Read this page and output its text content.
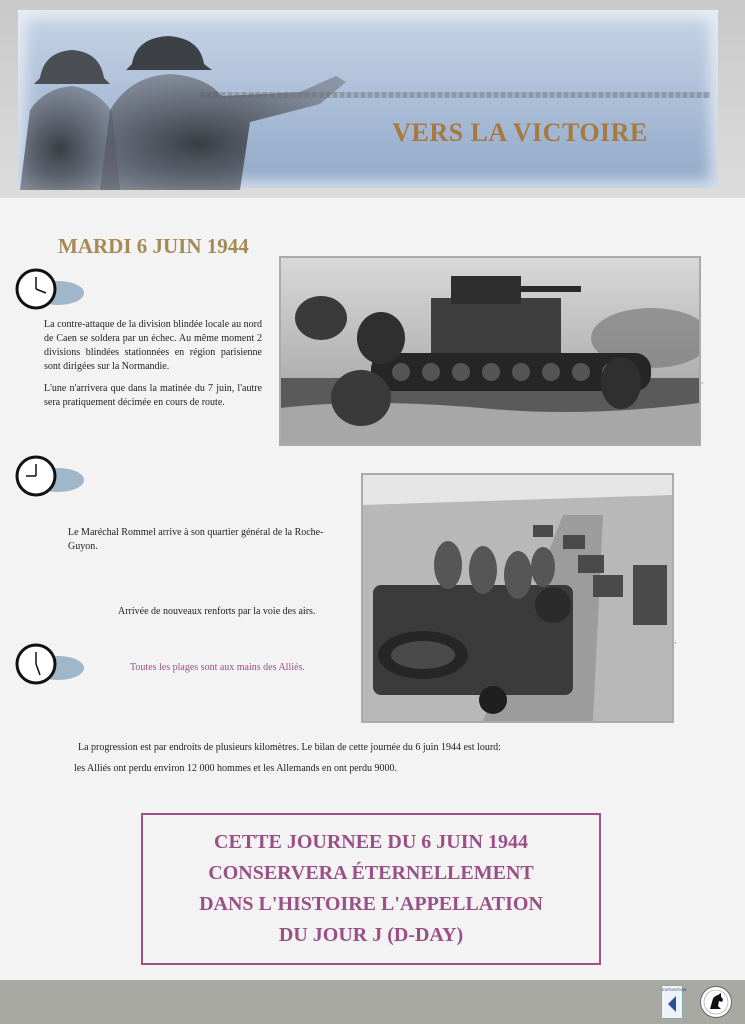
VERS LA VICTOIRE
MARDI 6 JUIN 1944
La contre-attaque de la division blindée locale au nord de Caen se soldera par un échec. Au même moment 2 divisions blindées stationnées en région parisienne sont dirigées sur la Normandie.
L'une n'arrivera que dans la matinée du 7 juin, l'autre sera pratiquement décimée en cours de route.
▪
Le Maréchal Rommel arrive à son quartier général de la Roche-Guyon.
Arrivée de nouveaux renforts par la voie des airs.
▪
Toutes les plages sont aux mains des Alliés.
La progression est par endroits de plusieurs kilomètres. Le bilan de cette journée du 6 juin 1944 est lourd:
les Alliés ont perdu environ 12 000 hommes et les Allemands en ont perdu 9000.
CETTE JOURNEE DU 6 JUIN 1944
CONSERVERA ÉTERNELLEMENT
DANS L'HISTOIRE L'APPELLATION
DU JOUR J (D-DAY)
EXPOSITION
